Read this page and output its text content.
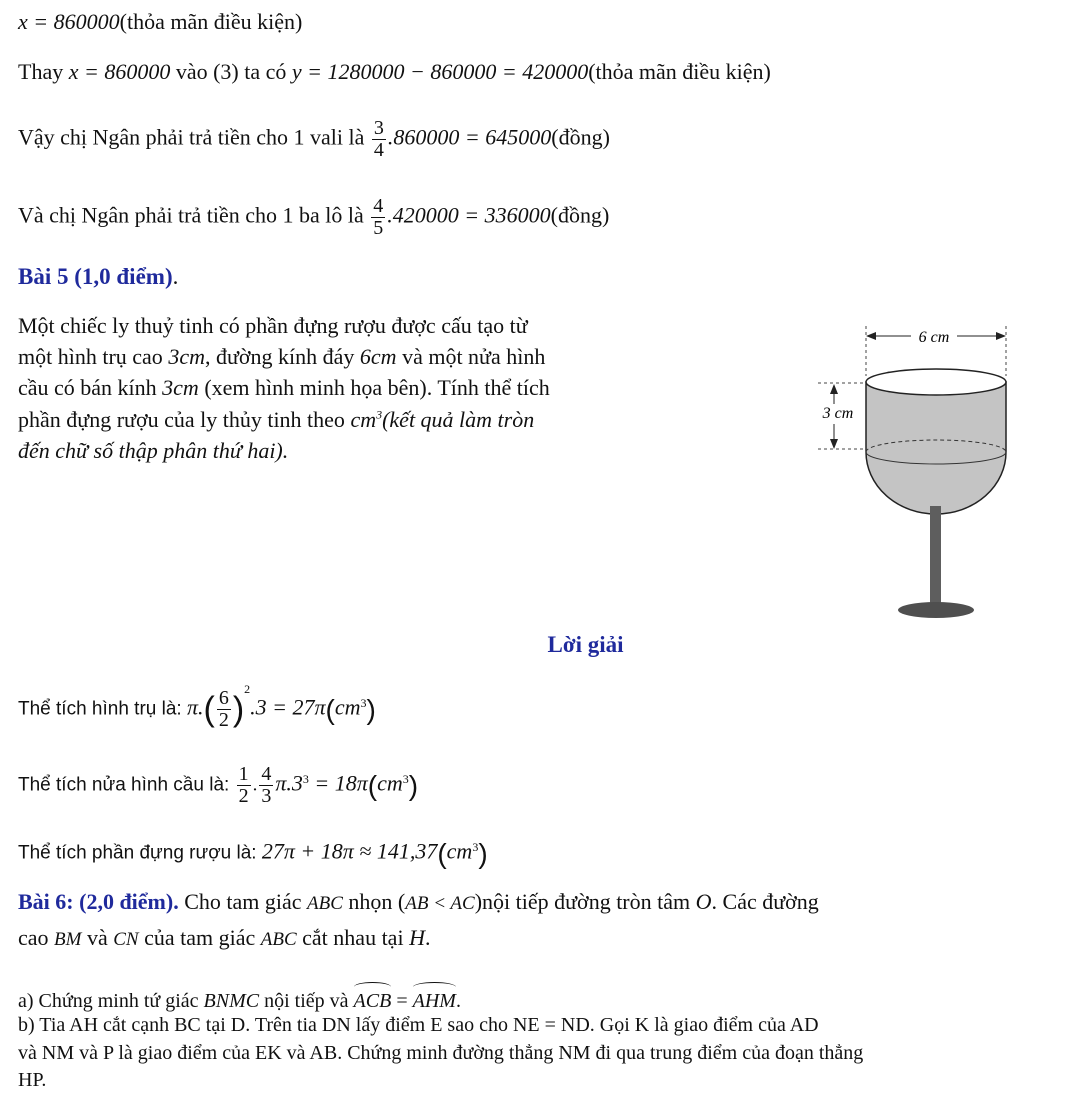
x = 860000(thỏa mãn điều kiện)
Thay x = 860000 vào (3) ta có y = 1280000 − 860000 = 420000(thỏa mãn điều kiện)
Vậy chị Ngân phải trả tiền cho 1 vali là $\frac{3}{4} .860000$ = 645000(đồng)
Và chị Ngân phải trả tiền cho 1 ba lô là $\frac{4}{5} .420000$ = 336000(đồng)
Bài 5 (1,0 điểm).
Một chiếc ly thuỷ tinh có phần đựng rượu được cấu tạo từ
một hình trụ cao 3cm, đường kính đáy 6cm và một nửa hình
cầu có bán kính 3cm (xem hình minh họa bên). Tính thể tích
phần đựng rượu của ly thủy tinh theo $cm^3(kết$ quả làm tròn
đến chữ số thập phân thứ hai).
6 cm
3 cm
Lời giải
Thể tích hình trụ là: $\pi.( \frac{6}{2} )^2.3 = 27\pi(cm^3)$
Thể tích nửa hình cầu là: $\frac{1}{2}$ . $\frac{4}{3} \pi.3^3 = 18\pi(cm^3)$
Thể tích phần đựng rượu là: $27\pi + 18\pi \approx 141,37(cm^3)$
Bài 6: (2,0 điểm). Cho tam giác ABC nhọn (AB < AC)nội tiếp đường tròn tâm O. Các đường
cao BM và CN của tam giác ABC cắt nhau tại H.
a) Chứng minh tứ giác BNMC nội tiếp và ACB = AHM.
b) Tia AH cắt cạnh BC tại D. Trên tia DN lấy điểm E sao cho NE = ND. Gọi K là giao điểm của AD
và NM và P là giao điểm của EK và AB. Chứng minh đường thẳng NM đi qua trung điểm của đoạn thẳng
HP.
